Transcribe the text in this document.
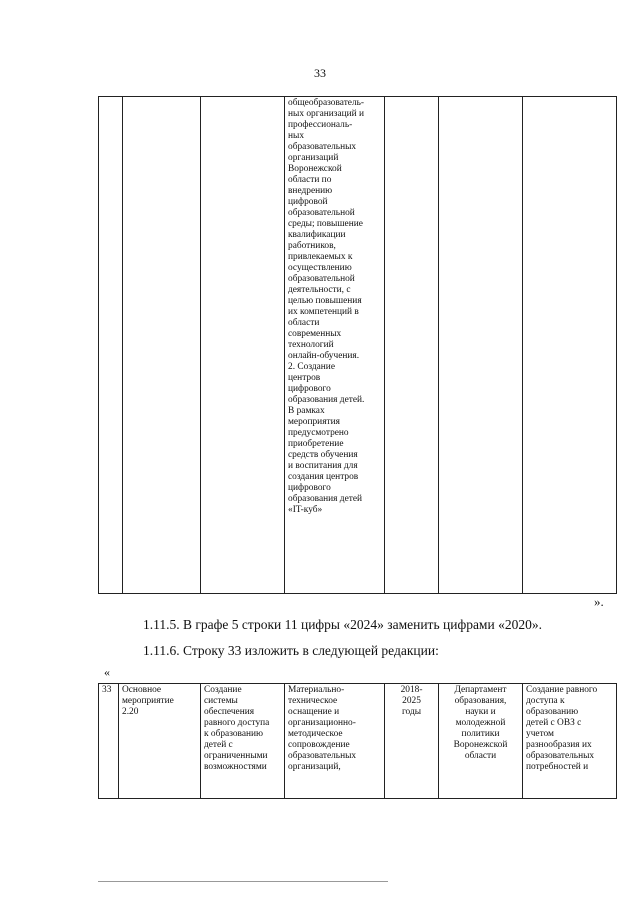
33
			общеобразователь-
ных организаций и
профессиональ-
ных
образовательных
организаций
Воронежской
области по
внедрению
цифровой
образовательной
среды; повышение
квалификации
работников,
привлекаемых к
осуществлению
образовательной
деятельности, с
целью повышения
их компетенций в
области
современных
технологий
онлайн-обучения.
2. Создание
центров
цифрового
образования детей.
В рамках
мероприятия
предусмотрено
приобретение
средств обучения
и воспитания для
создания центров
цифрового
образования детей
«IT-куб»			
».
1.11.5. В графе 5 строки 11 цифры «2024» заменить цифрами «2020».
1.11.6. Строку 33 изложить в следующей редакции:
«
33	Основное
мероприятие
2.20	Создание
системы
обеспечения
равного доступа
к образованию
детей с
ограниченными
возможностями	Материально-
техническое
оснащение и
организационно-
методическое
сопровождение
образовательных
организаций,	2018-
2025
годы	Департамент
образования,
науки и
молодежной
политики
Воронежской
области	Создание равного
доступа к
образованию
детей с ОВЗ с
учетом
разнообразия их
образовательных
потребностей и
